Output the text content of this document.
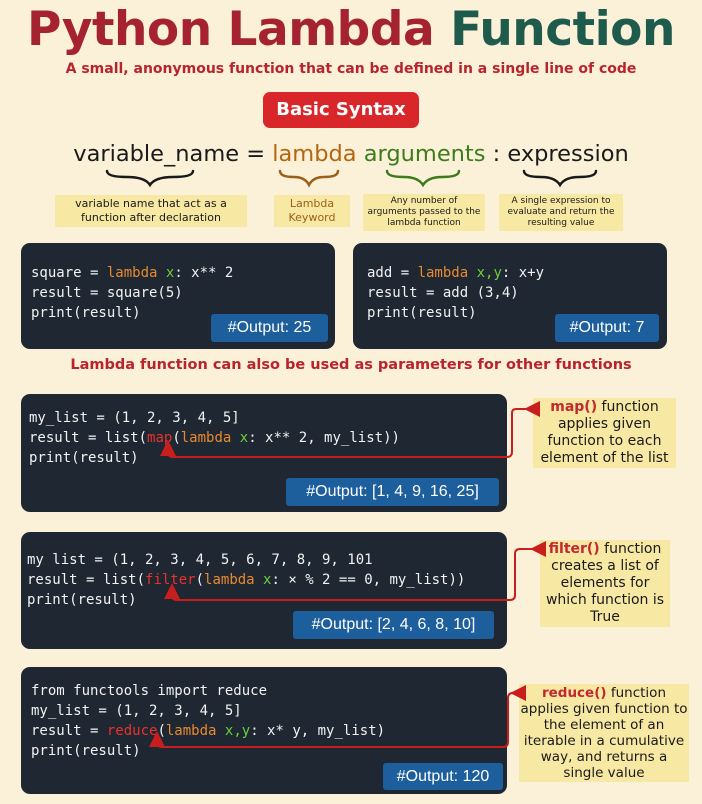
Python Lambda Function
A small, anonymous function that can be defined in a single line of code
Basic Syntax
variable_name = lambda arguments : expression
variable name that act as a function after declaration
Lambda Keyword
Any number of arguments passed to the lambda function
A single expression to evaluate and return the resulting value
square = lambda x: x** 2
result = square(5)
print(result)
#Output: 25
add = lambda x,y: x+y
result = add (3,4)
print(result)
#Output: 7
Lambda function can also be used as parameters for other functions
my_list = (1, 2, 3, 4, 5]
result = list(map(lambda x: x** 2, my_list))
print(result)
#Output: [1, 4, 9, 16, 25]
my list = (1, 2, 3, 4, 5, 6, 7, 8, 9, 101
result = list(filter(lambda x: × % 2 == 0, my_list))
print(result)
#Output: [2, 4, 6, 8, 10]
from functools import reduce
my_list = (1, 2, 3, 4, 5]
result = reduce(lambda x,y: x* y, my_list)
print(result)
#Output: 120
map() function applies given function to each element of the list
filter() function creates a list of elements for which function is True
reduce() function applies given function to the element of an iterable in a cumulative way, and returns a single value
